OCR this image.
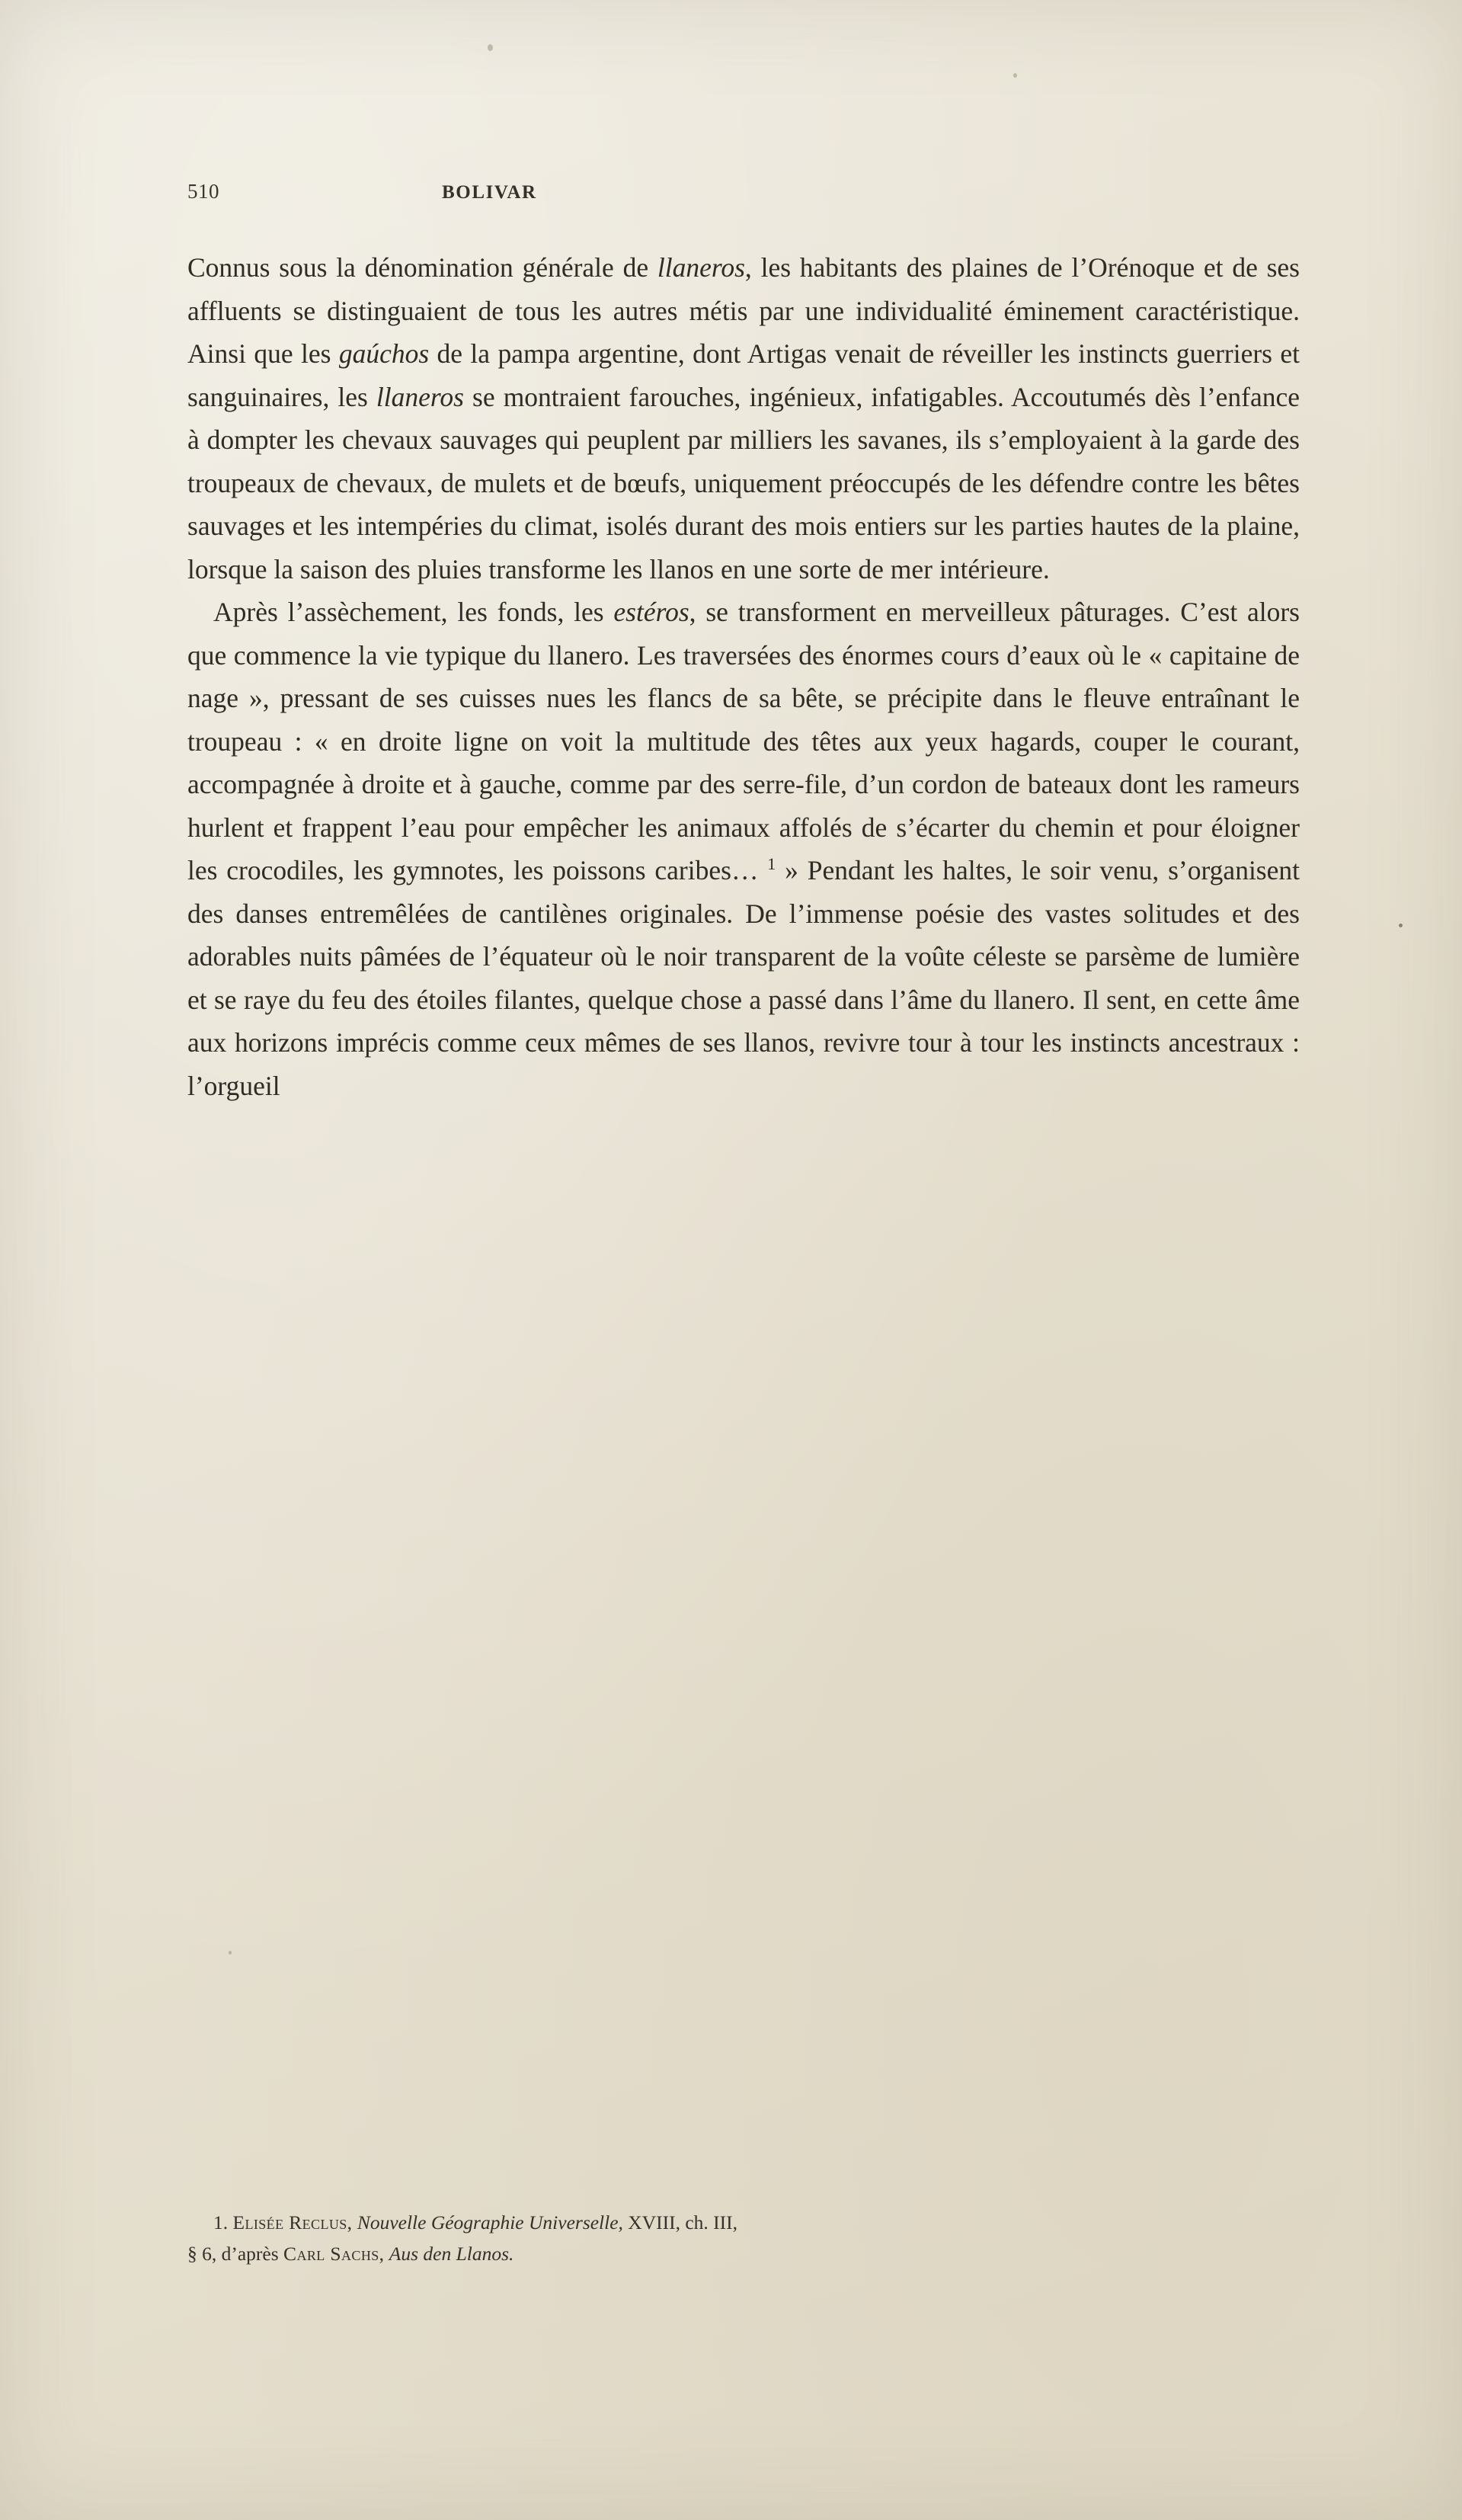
510	BOLIVAR

Connus sous la dénomination générale de llaneros, les habitants des plaines de l’Orénoque et de ses affluents se distinguaient de tous les autres métis par une individualité éminement caractéristique. Ainsi que les gaúchos de la pampa argentine, dont Artigas venait de réveiller les instincts guerriers et sanguinaires, les llaneros se montraient farouches, ingénieux, infatigables. Accoutumés dès l’enfance à dompter les chevaux sauvages qui peuplent par milliers les savanes, ils s’employaient à la garde des troupeaux de chevaux, de mulets et de bœufs, uniquement préoccupés de les défendre contre les bêtes sauvages et les intempéries du climat, isolés durant des mois entiers sur les parties hautes de la plaine, lorsque la saison des pluies transforme les llanos en une sorte de mer intérieure.

Après l’assèchement, les fonds, les estéros, se transforment en merveilleux pâturages. C’est alors que commence la vie typique du llanero. Les traversées des énormes cours d’eaux où le « capitaine de nage », pressant de ses cuisses nues les flancs de sa bête, se précipite dans le fleuve entraînant le troupeau : « en droite ligne on voit la multitude des têtes aux yeux hagards, couper le courant, accompagnée à droite et à gauche, comme par des serre-file, d’un cordon de bateaux dont les rameurs hurlent et frappent l’eau pour empêcher les animaux affolés de s’écarter du chemin et pour éloigner les crocodiles, les gymnotes, les poissons caribes… $^1$ » Pendant les haltes, le soir venu, s’organisent des danses entremêlées de cantilènes originales. De l’immense poésie des vastes solitudes et des adorables nuits pâmées de l’équateur où le noir transparent de la voûte céleste se parsème de lumière et se raye du feu des étoiles filantes, quelque chose a passé dans l’âme du llanero. Il sent, en cette âme aux horizons imprécis comme ceux mêmes de ses llanos, revivre tour à tour les instincts ancestraux : l’orgueil

1. Elisée Reclus, Nouvelle Géographie Universelle, XVIII, ch. III,
§ 6, d’après Carl Sachs, Aus den Llanos.
